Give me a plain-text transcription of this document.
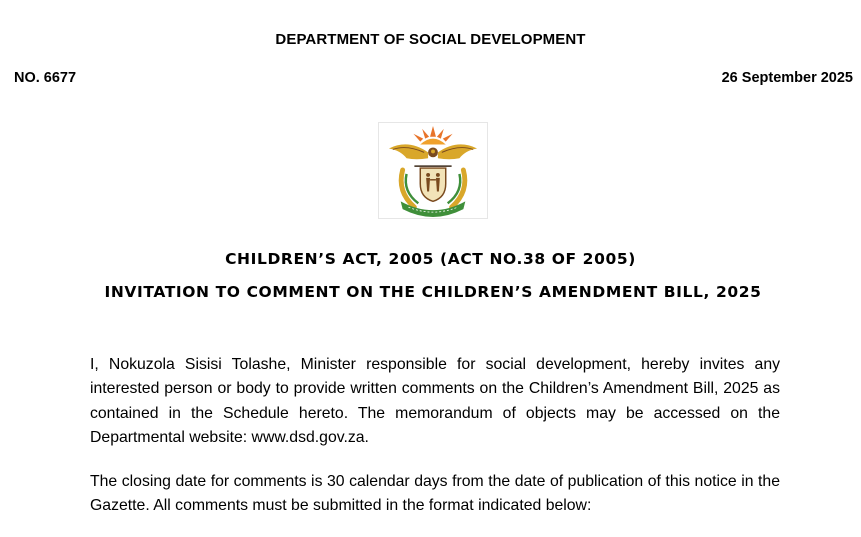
DEPARTMENT OF SOCIAL DEVELOPMENT
NO. 6677	26 September 2025
CHILDREN’S ACT, 2005 (ACT NO.38 OF 2005)
INVITATION TO COMMENT ON THE CHILDREN’S AMENDMENT BILL, 2025

I, Nokuzola Sisisi Tolashe, Minister responsible for social development, hereby invites any interested person or body to provide written comments on the Children’s Amendment Bill, 2025 as contained in the Schedule hereto. The memorandum of objects may be accessed on the Departmental website: www.dsd.gov.za.

The closing date for comments is 30 calendar days from the date of publication of this notice in the Gazette. All comments must be submitted in the format indicated below:
